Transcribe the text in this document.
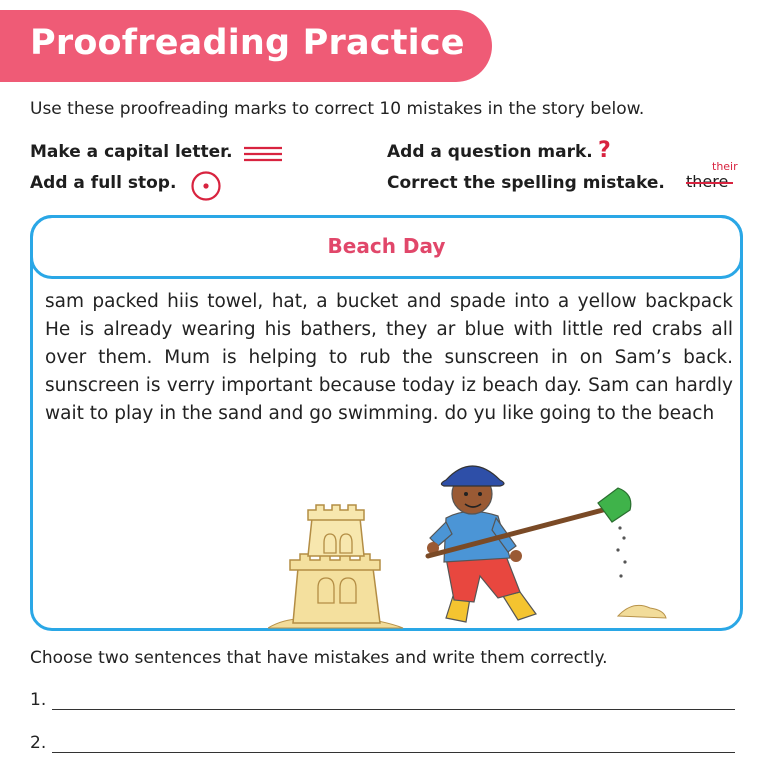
Proofreading Practice
Use these proofreading marks to correct 10 mistakes in the story below.
Make a capital letter.
Add a full stop.
Add a question mark. ?
Correct the spelling mistake.
their
Beach Day
sam packed hiis towel, hat, a bucket and spade into a yellow backpack He is already wearing his bathers, they ar blue with little red crabs all over them. Mum is helping to rub the sunscreen in on Sam’s back. sunscreen is verry important because today iz beach day. Sam can hardly wait to play in the sand and go swimming. do yu like going to the beach
Choose two sentences that have mistakes and write them correctly.
1.
2.
